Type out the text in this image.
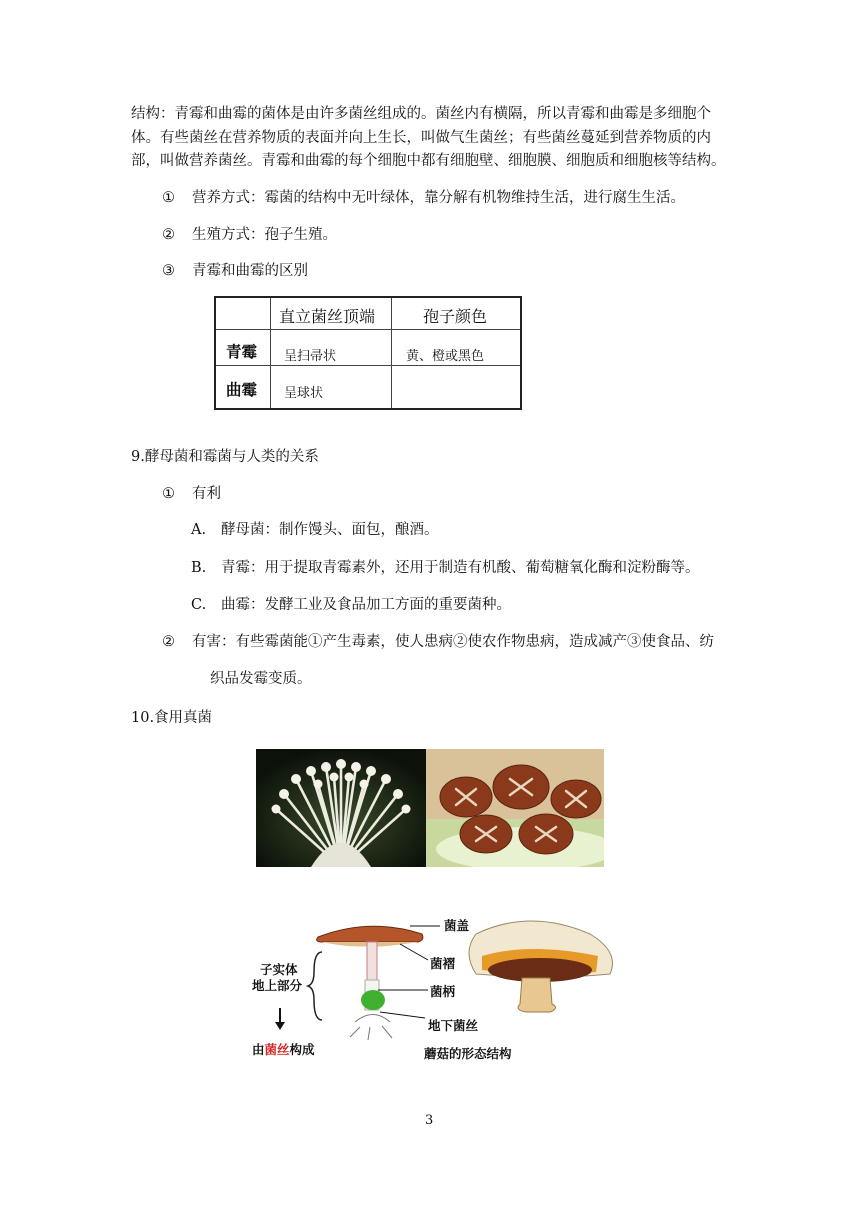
结构：青霉和曲霉的菌体是由许多菌丝组成的。菌丝内有横隔，所以青霉和曲霉是多细胞个
体。有些菌丝在营养物质的表面并向上生长，叫做气生菌丝；有些菌丝蔓延到营养物质的内
部，叫做营养菌丝。青霉和曲霉的每个细胞中都有细胞壁、细胞膜、细胞质和细胞核等结构。
① 营养方式：霉菌的结构中无叶绿体，靠分解有机物维持生活，进行腐生生活。
② 生殖方式：孢子生殖。
③ 青霉和曲霉的区别
直立菌丝顶端	孢子颜色
青霉 呈扫帚状	黄、橙或黑色
曲霉 呈球状
9.酵母菌和霉菌与人类的关系
① 有利
A. 酵母菌：制作馒头、面包，酿酒。
B. 青霉：用于提取青霉素外，还用于制造有机酸、葡萄糖氧化酶和淀粉酶等。
C. 曲霉：发酵工业及食品加工方面的重要菌种。
② 有害：有些霉菌能①产生毒素，使人患病②使农作物患病，造成减产③使食品、纺
织品发霉变质。
10.食用真菌
菌盖
菌褶
菌柄
地下菌丝
子实体
地上部分
由菌丝构成	蘑菇的形态结构
3
